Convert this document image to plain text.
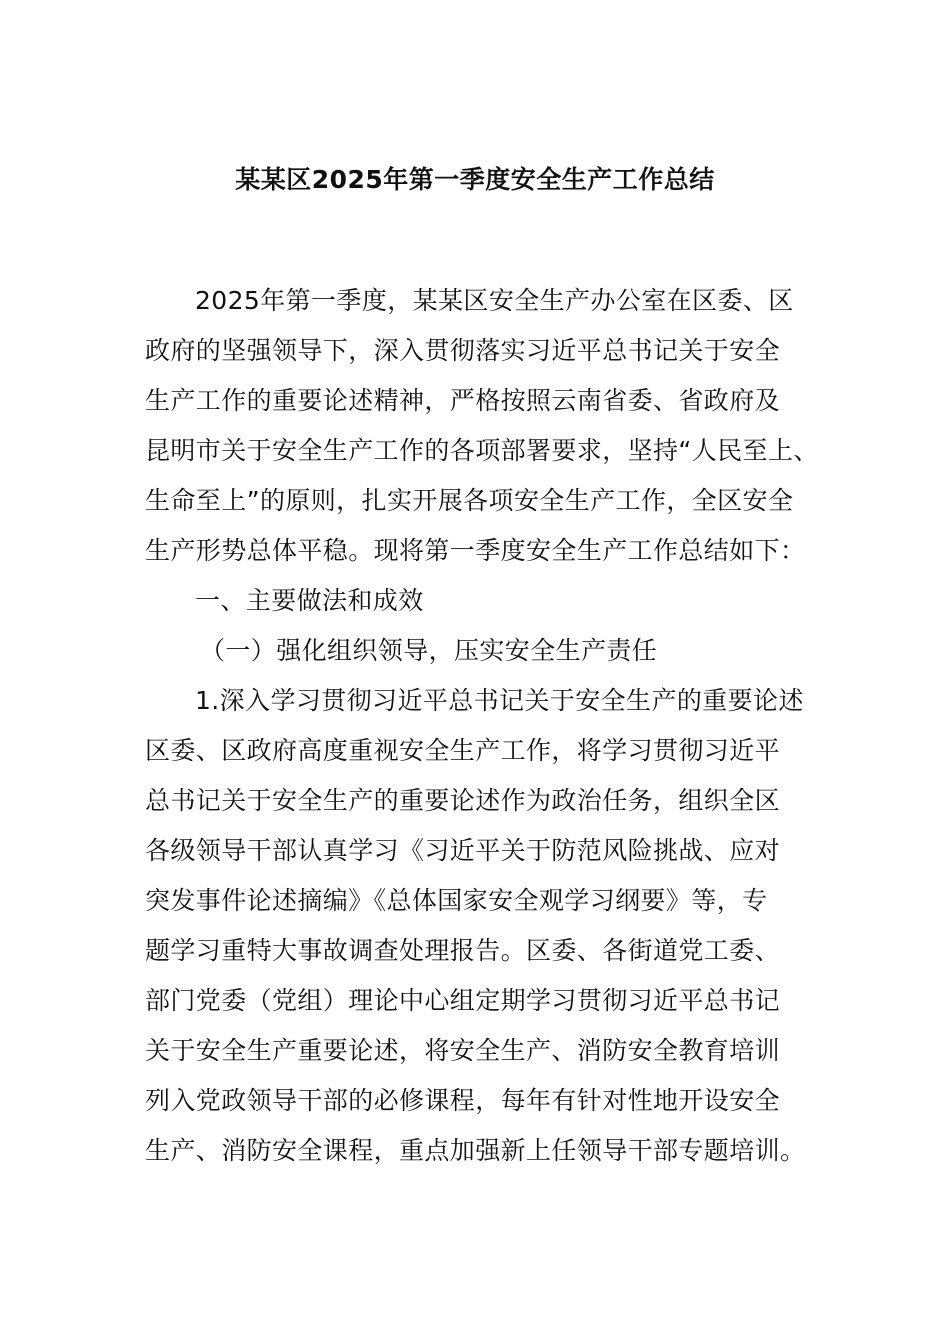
某某区2025年第一季度安全生产工作总结
2025年第一季度，某某区安全生产办公室在区委、区
政府的坚强领导下，深入贯彻落实习近平总书记关于安全
生产工作的重要论述精神，严格按照云南省委、省政府及
昆明市关于安全生产工作的各项部署要求，坚持“人民至上、
生命至上”的原则，扎实开展各项安全生产工作，全区安全
生产形势总体平稳。现将第一季度安全生产工作总结如下：
一、主要做法和成效
（一）强化组织领导，压实安全生产责任
1.深入学习贯彻习近平总书记关于安全生产的重要论述
区委、区政府高度重视安全生产工作，将学习贯彻习近平
总书记关于安全生产的重要论述作为政治任务，组织全区
各级领导干部认真学习《习近平关于防范风险挑战、应对
突发事件论述摘编》《总体国家安全观学习纲要》等，专
题学习重特大事故调查处理报告。区委、各街道党工委、
部门党委（党组）理论中心组定期学习贯彻习近平总书记
关于安全生产重要论述，将安全生产、消防安全教育培训
列入党政领导干部的必修课程，每年有针对性地开设安全
生产、消防安全课程，重点加强新上任领导干部专题培训。
